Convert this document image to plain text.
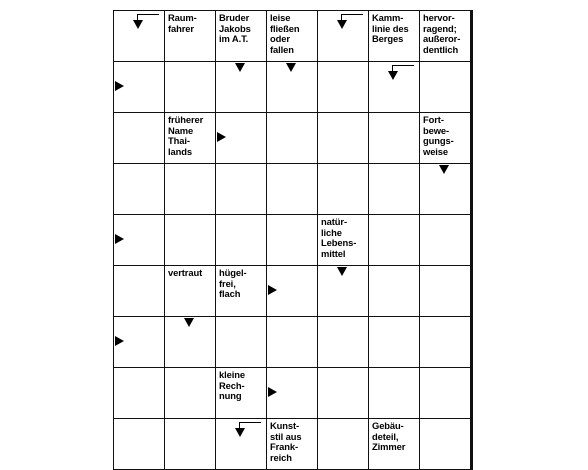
Raum-
fahrer
Bruder
Jakobs
im A.T.
leise
fließen
oder
fallen
Kamm-
linie des
Berges
hervor-
ragend;
außeror-
dentlich
früherer
Name
Thai-
lands
Fort-
bewe-
gungs-
weise
natür-
liche
Lebens-
mittel
vertraut	hügel-
frei,
flach
kleine
Rech-
nung
Kunst-
stil aus
Frank-
reich
Gebäu-
deteil,
Zimmer
